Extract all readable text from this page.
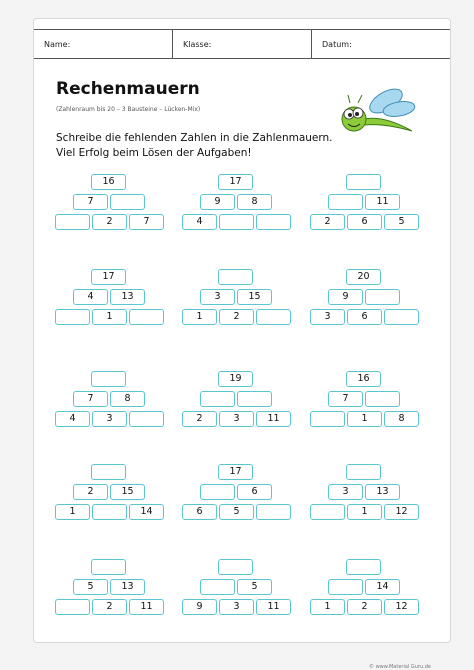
Name:	Klasse:	Datum:
Rechenmauern
(Zahlenraum bis 20 – 3 Bausteine – Lücken-Mix)
Schreibe die fehlenden Zahlen in die Zahlenmauern.
Viel Erfolg beim Lösen der Aufgaben!
16
7
2	7
17
9	8
4
11
2	6	5
17
4	13
1
3	15
1	2
20
9
3	6
7	8
4	3
19
2	3	11
16
7
1	8
2	15
1	14
17
6
6	5
3	13
1	12
5	13
2	11
5
9	3	11
14
1	2	12
© www.Material Guru.de
